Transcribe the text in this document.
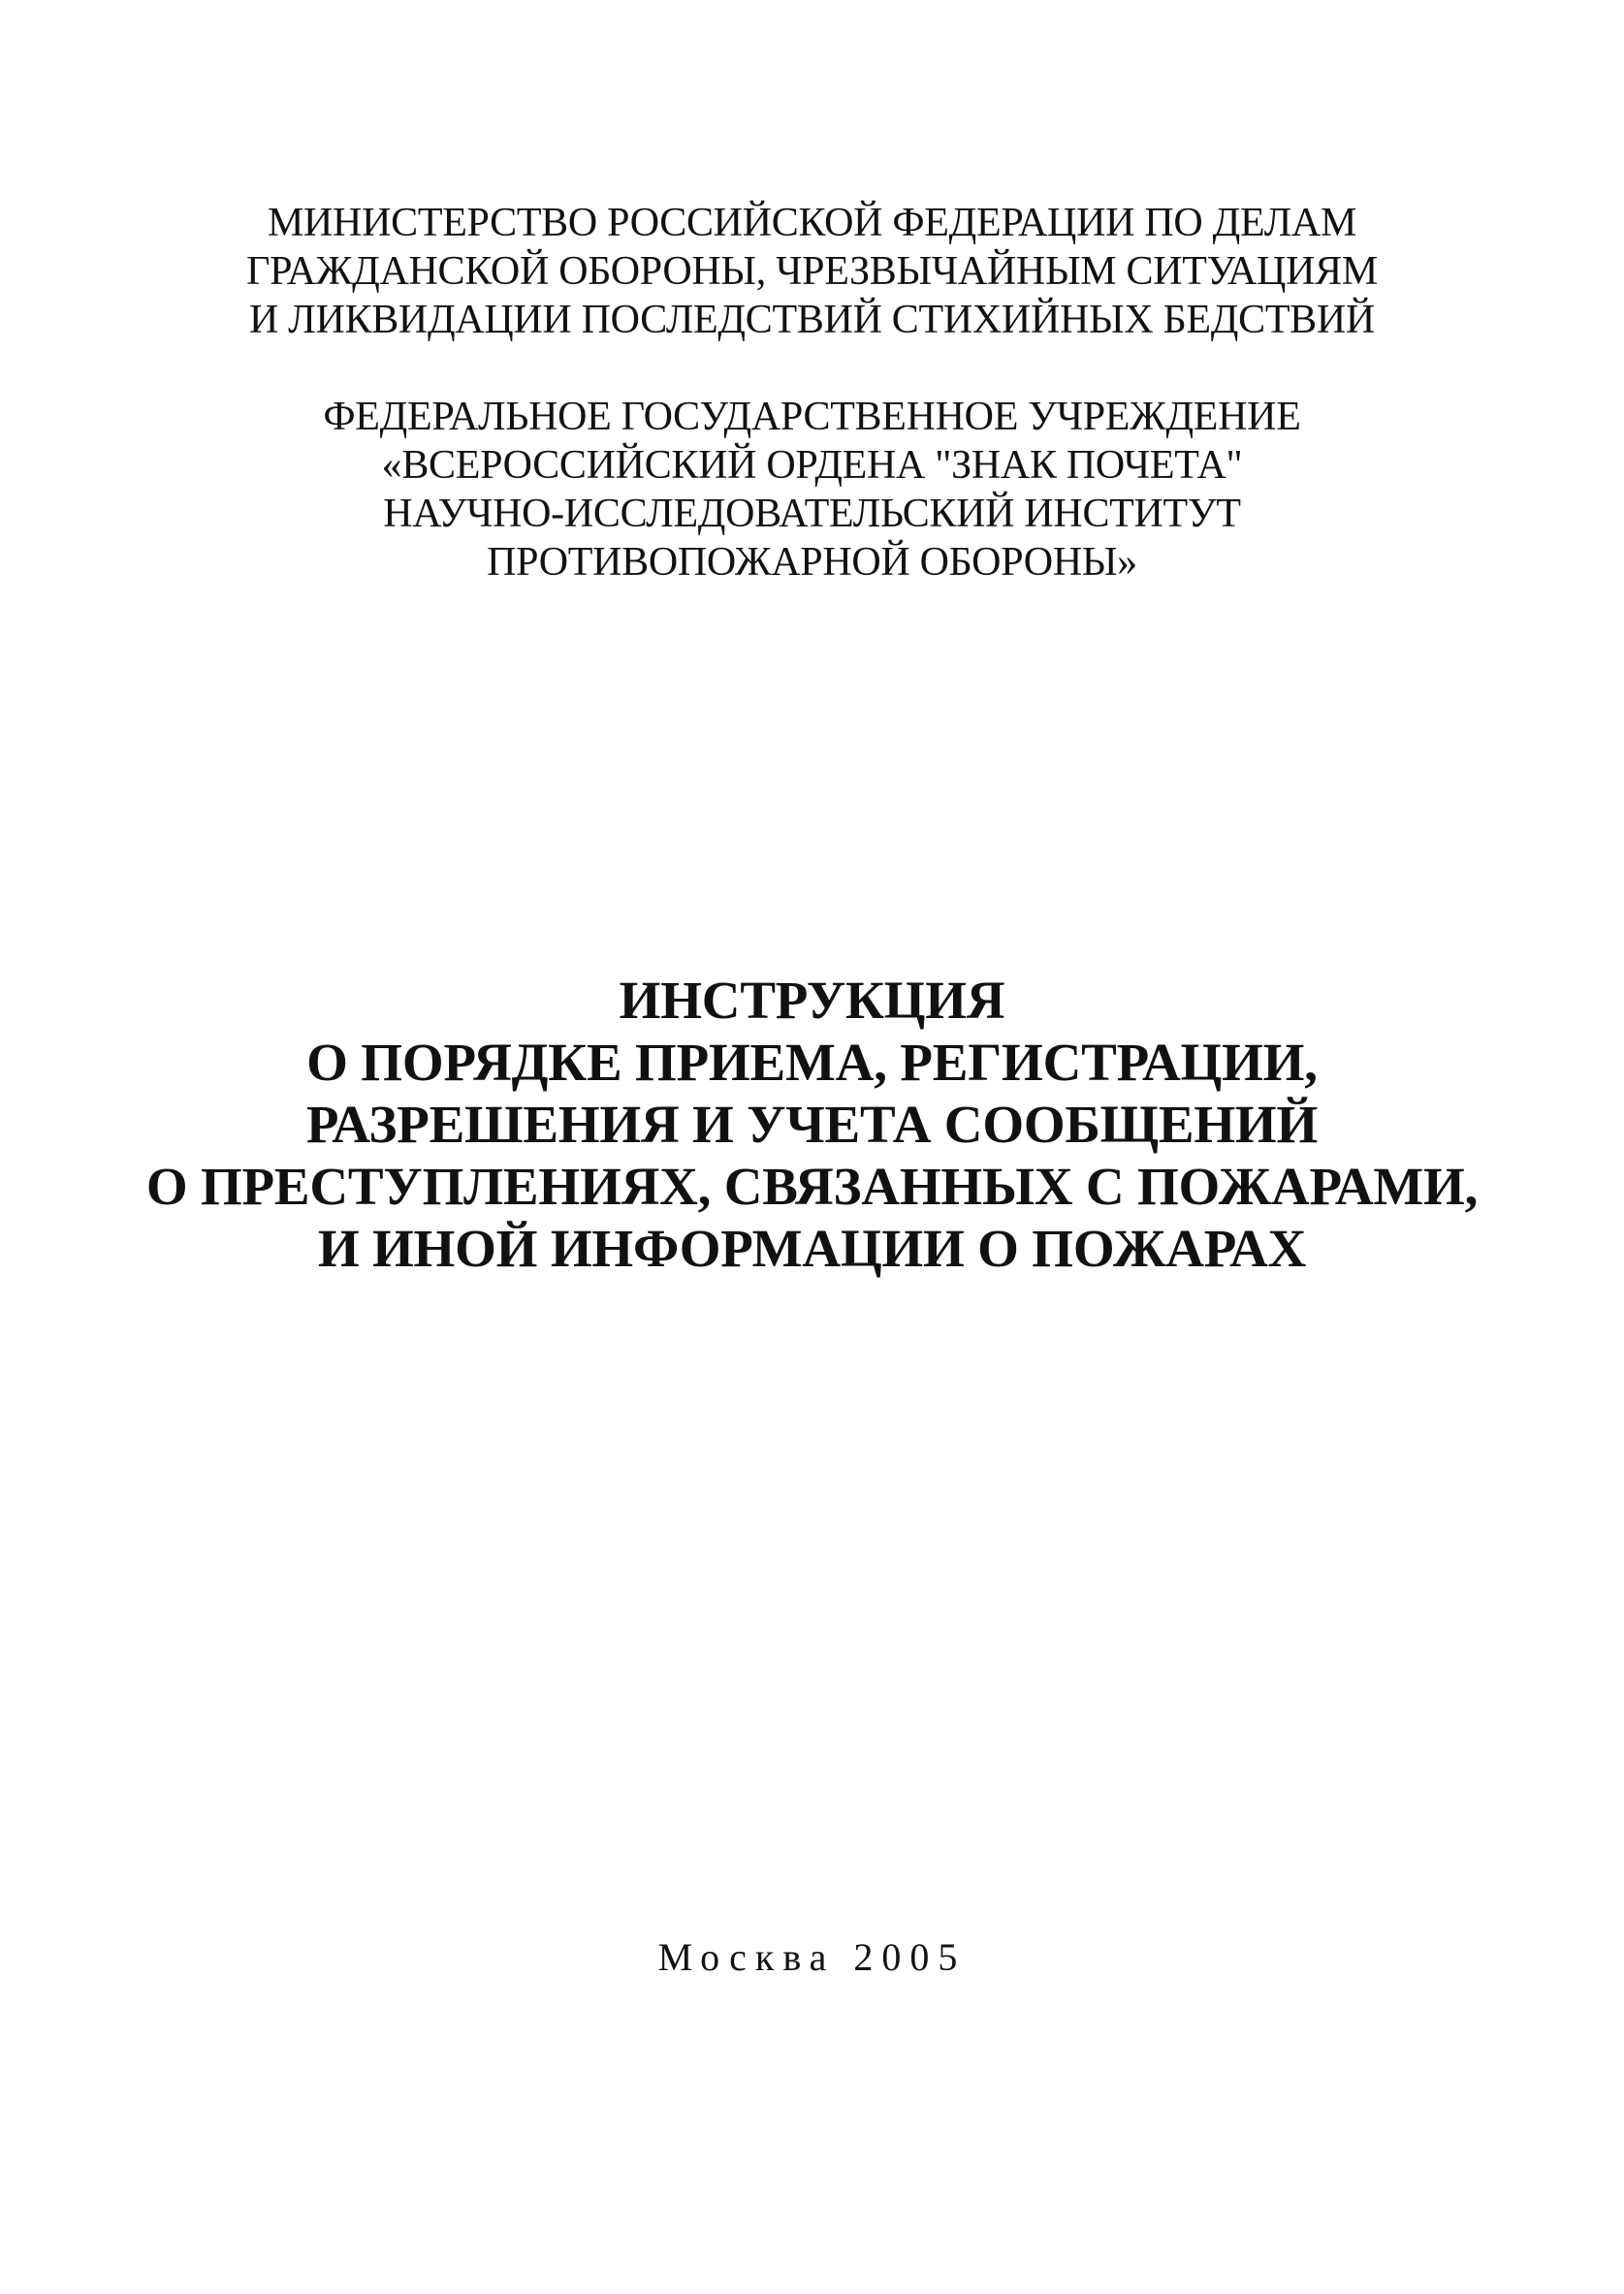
МИНИСТЕРСТВО РОССИЙСКОЙ ФЕДЕРАЦИИ ПО ДЕЛАМ
ГРАЖДАНСКОЙ ОБОРОНЫ, ЧРЕЗВЫЧАЙНЫМ СИТУАЦИЯМ
И ЛИКВИДАЦИИ ПОСЛЕДСТВИЙ СТИХИЙНЫХ БЕДСТВИЙ
ФЕДЕРАЛЬНОЕ ГОСУДАРСТВЕННОЕ УЧРЕЖДЕНИЕ
«ВСЕРОССИЙСКИЙ ОРДЕНА "ЗНАК ПОЧЕТА"
НАУЧНО-ИССЛЕДОВАТЕЛЬСКИЙ ИНСТИТУТ
ПРОТИВОПОЖАРНОЙ ОБОРОНЫ»
ИНСТРУКЦИЯ
О ПОРЯДКЕ ПРИЕМА, РЕГИСТРАЦИИ,
РАЗРЕШЕНИЯ И УЧЕТА СООБЩЕНИЙ
О ПРЕСТУПЛЕНИЯХ, СВЯЗАННЫХ С ПОЖАРАМИ,
И ИНОЙ ИНФОРМАЦИИ О ПОЖАРАХ
Москва 2005
